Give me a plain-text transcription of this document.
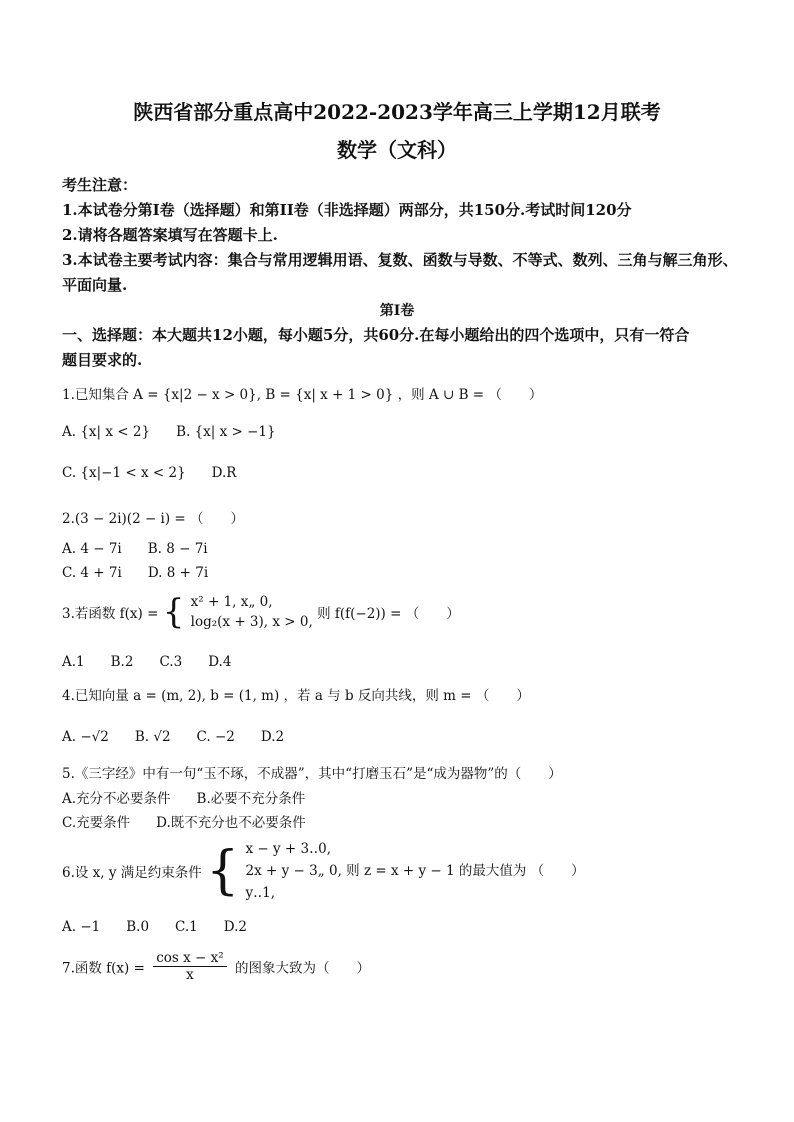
陕西省部分重点高中2022-2023学年高三上学期12月联考
数学（文科）
考生注意：
1.本试卷分第I卷（选择题）和第II卷（非选择题）两部分，共150分.考试时间120分
2.请将各题答案填写在答题卡上.
3.本试卷主要考试内容：集合与常用逻辑用语、复数、函数与导数、不等式、数列、三角与解三角形、
平面向量.
第I卷
一、选择题：本大题共12小题，每小题5分，共60分.在每小题给出的四个选项中，只有一符合
题目要求的.
1.已知集合 A = {x|2 − x > 0}, B = {x| x + 1 > 0} ，则 A ∪ B = （　　）
A. {x| x < 2} B. {x| x > −1}
C. {x|−1 < x < 2} D.R
2.(3 − 2i)(2 − i) = （　　）
A. 4 − 7i B. 8 − 7i
C. 4 + 7i D. 8 + 7i
3.若函数 f(x) = { x² + 1, x„ 0,
log₂(x + 3), x > 0, 则 f(f(−2)) = （　　）
A.1 B.2 C.3 D.4
4.已知向量 a = (m, 2), b = (1, m) ，若 a 与 b 反向共线，则 m = （　　）
A. −√2 B. √2 C. −2 D.2
5.《三字经》中有一句“玉不琢，不成器”，其中“打磨玉石”是“成为器物”的（　　）
A.充分不必要条件 B.必要不充分条件
C.充要条件 D.既不充分也不必要条件
6.设 x, y 满足约束条件 { x − y + 3‥0,
2x + y − 3„ 0, 则 z = x + y − 1 的最大值为 （　　）
y‥1,
A. −1 B.0 C.1 D.2
7.函数 $f(x) = \frac{\text{cos x − x²}}{x}$ 的图象大致为（　　）
